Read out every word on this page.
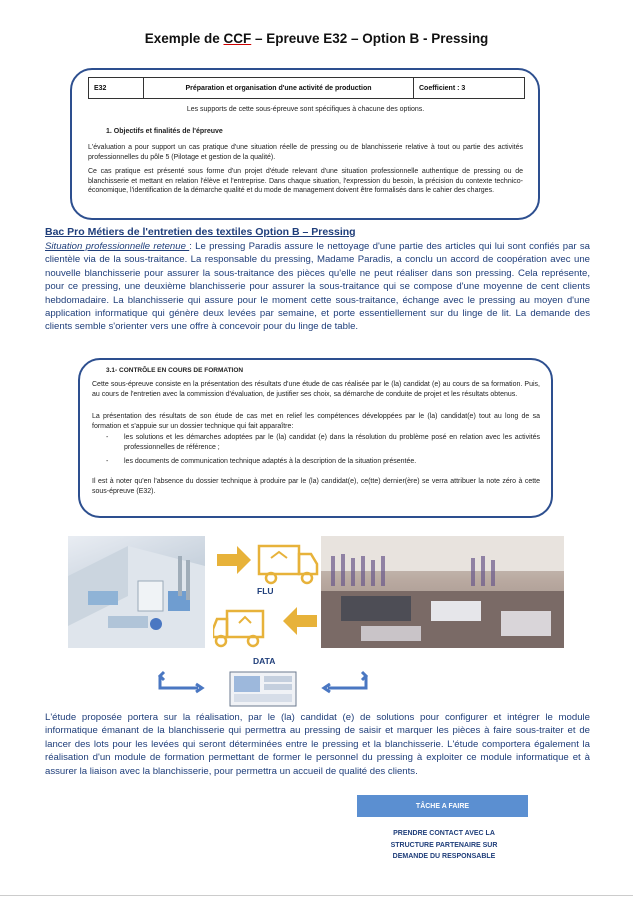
Exemple de CCF – Epreuve E32 – Option B - Pressing
E32	Préparation et organisation d'une activité de production	Coefficient : 3
Les supports de cette sous-épreuve sont spécifiques à chacune des options.
1. Objectifs et finalités de l'épreuve
L'évaluation a pour support un cas pratique d'une situation réelle de pressing ou de blanchisserie relative à tout ou partie des activités professionnelles du pôle 5 (Pilotage et gestion de la qualité).
Ce cas pratique est présenté sous forme d'un projet d'étude relevant d'une situation professionnelle authentique de pressing ou de blanchisserie et mettant en relation l'élève et l'entreprise. Dans chaque situation, l'expression du besoin, la précision du contexte technico-économique, l'identification de la démarche qualité et du mode de management doivent être formalisés dans le cahier des charges.
Bac Pro Métiers de l'entretien des textiles Option B – Pressing
Situation professionnelle retenue : Le pressing Paradis assure le nettoyage d'une partie des articles qui lui sont confiés par sa clientèle via de la sous-traitance. La responsable du pressing, Madame Paradis, a conclu un accord de coopération avec une nouvelle blanchisserie pour assurer la sous-traitance des pièces qu'elle ne peut réaliser dans son pressing. Cela représente, pour ce pressing, une deuxième blanchisserie pour assurer la sous-traitance qui se compose d'une moyenne de cent clients hebdomadaire. La blanchisserie qui assure pour le moment cette sous-traitance, échange avec le pressing au moyen d'une application informatique qui génère deux levées par semaine, et porte essentiellement sur du linge de lit. La demande des clients semble s'orienter vers une offre à concevoir pour du linge de table.
3.1- CONTRÔLE EN COURS DE FORMATION
Cette sous-épreuve consiste en la présentation des résultats d'une étude de cas réalisée par le (la) candidat (e) au cours de sa formation. Puis, au cours de l'entretien avec la commission d'évaluation, de justifier ses choix, sa démarche de conduite de projet et les résultats obtenus.
La présentation des résultats de son étude de cas met en relief les compétences développées par le (la) candidat(e) tout au long de sa formation et s'appuie sur un dossier technique qui fait apparaître:
- les solutions et les démarches adoptées par le (la) candidat (e) dans la résolution du problème posé en relation avec les activités professionnelles de référence ;
- les documents de communication technique adaptés à la description de la situation présentée.
Il est à noter qu'en l'absence du dossier technique à produire par le (la) candidat(e), ce(tte) dernier(ère) se verra attribuer la note zéro à cette sous-épreuve (E32).
FLU
DATA
L'étude proposée portera sur la réalisation, par le (la) candidat (e) de solutions pour configurer et intégrer le module informatique émanant de la blanchisserie qui permettra au pressing de saisir et marquer les pièces à faire sous-traiter et de lancer des lots pour les levées qui seront déterminées entre le pressing et la blanchisserie. L'étude comportera également la réalisation d'un module de formation permettant de former le personnel du pressing à exploiter ce module informatique et à assurer la liaison avec la blanchisserie, pour permettra un accueil de qualité des clients.
TÂCHE A FAIRE
PRENDRE CONTACT AVEC LA STRUCTURE PARTENAIRE SUR DEMANDE DU RESPONSABLE
